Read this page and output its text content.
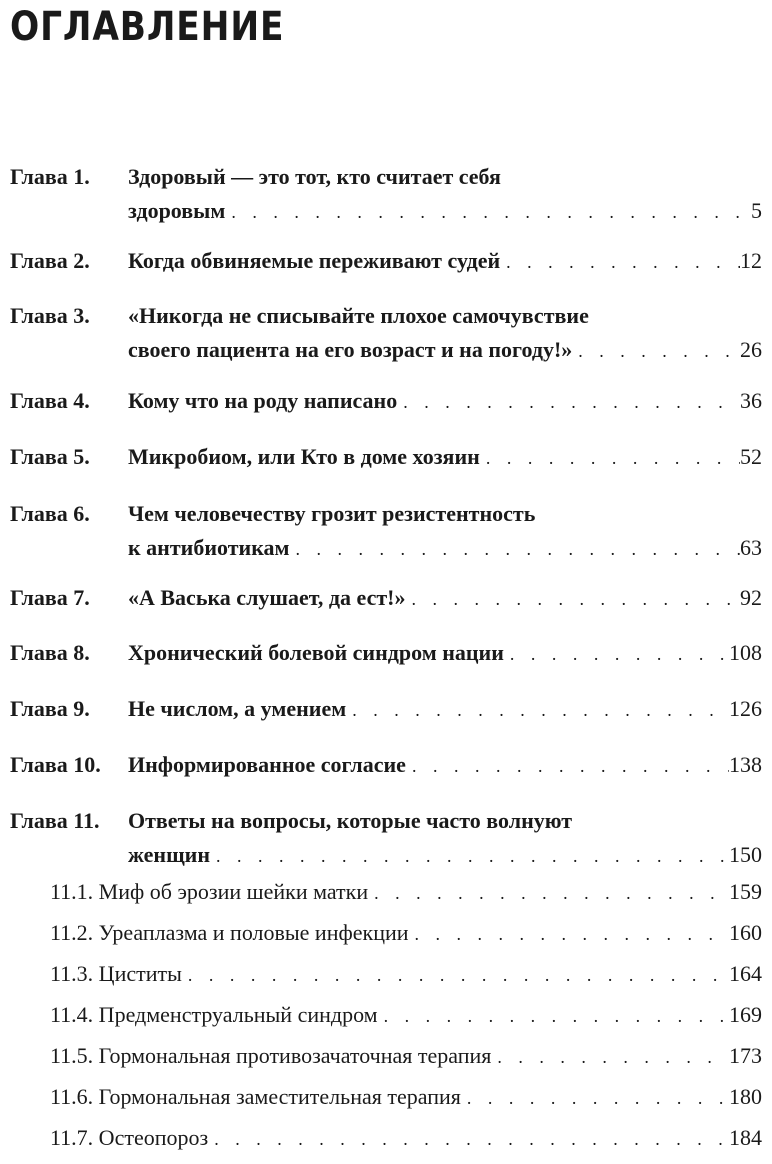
ОГЛАВЛЕНИЕ
Глава 1. Здоровый — это тот, кто считает себя
здоровым . . .	5
Глава 2. Когда обвиняемые переживают судей . . .	12
Глава 3. «Никогда не списывайте плохое самочувствие
своего пациента на его возраст и на погоду!» . . .	26
Глава 4. Кому что на роду написано . . .	36
Глава 5. Микробиом, или Кто в доме хозяин . . .	52
Глава 6. Чем человечеству грозит резистентность
к антибиотикам . . .	63
Глава 7. «А Васька слушает, да ест!» . . .	92
Глава 8. Хронический болевой синдром нации . . .	108
Глава 9. Не числом, а умением . . .	126
Глава 10. Информированное согласие . . .	138
Глава 11. Ответы на вопросы, которые часто волнуют
женщин . . .	150
11.1. Миф об эрозии шейки матки . . .	159
11.2. Уреаплазма и половые инфекции . . .	160
11.3. Циститы . . .	164
11.4. Предменструальный синдром . . .	169
11.5. Гормональная противозачаточная терапия . . .	173
11.6. Гормональная заместительная терапия . . .	180
11.7. Остеопороз . . .	184
